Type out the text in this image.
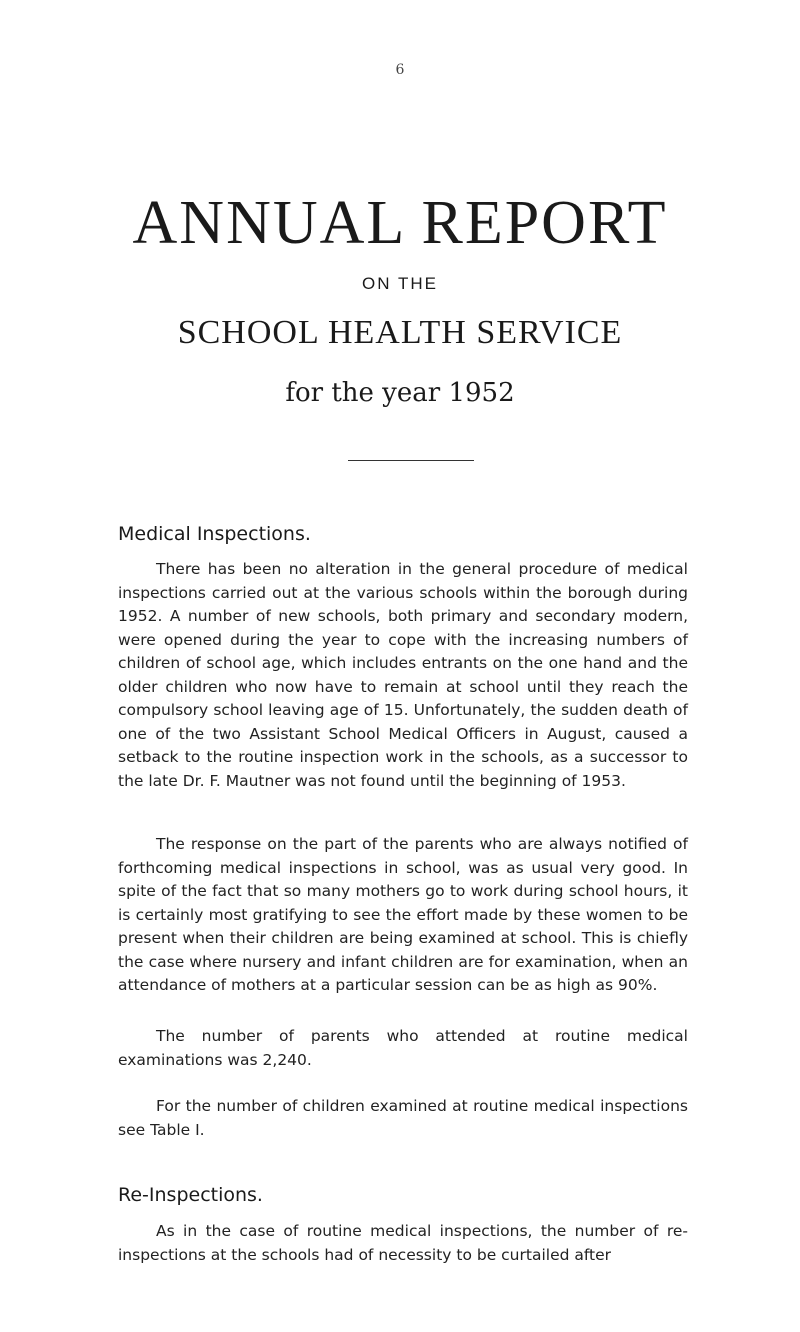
6
ANNUAL REPORT
ON THE
SCHOOL HEALTH SERVICE
for the year 1952
Medical Inspections.
There has been no alteration in the general procedure of medical inspections carried out at the various schools within the borough during 1952. A number of new schools, both primary and secondary modern, were opened during the year to cope with the increasing numbers of children of school age, which includes entrants on the one hand and the older children who now have to remain at school until they reach the compulsory school leaving age of 15. Unfortunately, the sudden death of one of the two Assistant School Medical Officers in August, caused a setback to the routine inspection work in the schools, as a successor to the late Dr. F. Mautner was not found until the beginning of 1953.
The response on the part of the parents who are always notified of forthcoming medical inspections in school, was as usual very good. In spite of the fact that so many mothers go to work during school hours, it is certainly most gratifying to see the effort made by these women to be present when their children are being examined at school. This is chiefly the case where nursery and infant children are for examination, when an attendance of mothers at a particular session can be as high as 90%.
The number of parents who attended at routine medical examinations was 2,240.
For the number of children examined at routine medical inspections see Table I.
Re-Inspections.
As in the case of routine medical inspections, the number of re-inspections at the schools had of necessity to be curtailed after
